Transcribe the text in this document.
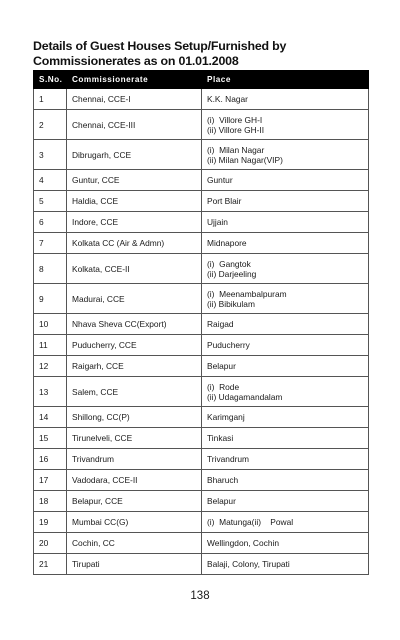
Details of Guest Houses Setup/Furnished by Commissionerates as on 01.01.2008
S.No.	Commissionerate	Place
1	Chennai, CCE-I	K.K. Nagar

2	Chennai, CCE-III	(i)  Villore GH-I
(ii) Villore GH-II

3	Dibrugarh, CCE	(i)  Milan Nagar
(ii) Milan Nagar(VIP)

4	Guntur, CCE	Guntur

5	Haldia, CCE	Port Blair

6	Indore, CCE	Ujjain

7	Kolkata CC (Air & Admn)	Midnapore

8	Kolkata, CCE-II	(i)  Gangtok
(ii) Darjeeling

9	Madurai, CCE	(i)  Meenambalpuram
(ii) Bibikulam

10	Nhava Sheva CC(Export)	Raigad

11	Puducherry, CCE	Puducherry

12	Raigarh, CCE	Belapur

13	Salem, CCE	(i)  Rode
(ii) Udagamandalam

14	Shillong, CC(P)	Karimganj

15	Tirunelveli, CCE	Tinkasi

16	Trivandrum	Trivandrum

17	Vadodara, CCE-II	Bharuch

18	Belapur, CCE	Belapur

19	Mumbai CC(G)	(i)  Matunga(ii)    Powal

20	Cochin, CC	Wellingdon, Cochin

21	Tirupati	Balaji, Colony, Tirupati
138
